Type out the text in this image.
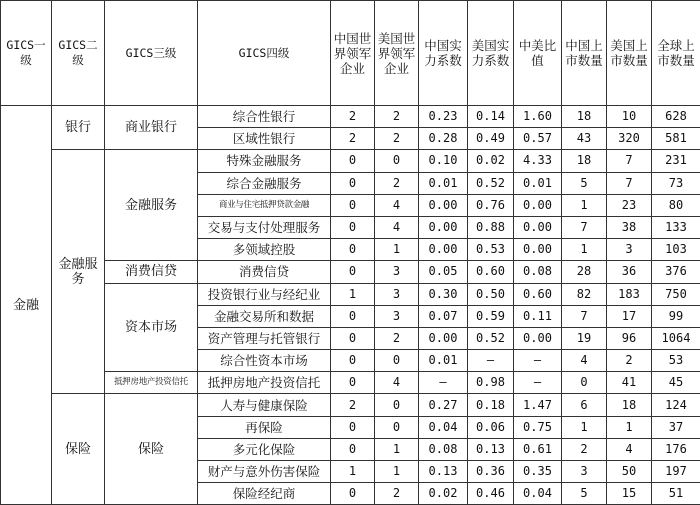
GICS一级	GICS二级	GICS三级	GICS四级	中国世界领军企业	美国世界领军企业	中国实力系数	美国实力系数	中美比值	中国上市数量	美国上市数量	全球上市数量
金融	银行	商业银行	综合性银行	2	2	0.23	0.14	1.60	18	10	628
			区域性银行	2	2	0.28	0.49	0.57	43	320	581
	金融服务	金融服务	特殊金融服务	0	0	0.10	0.02	4.33	18	7	231
			综合金融服务	0	2	0.01	0.52	0.01	5	7	73
			商业与住宅抵押贷款金融	0	4	0.00	0.76	0.00	1	23	80
			交易与支付处理服务	0	4	0.00	0.88	0.00	7	38	133
			多领域控股	0	1	0.00	0.53	0.00	1	3	103
		消费信贷	消费信贷	0	3	0.05	0.60	0.08	28	36	376
		资本市场	投资银行业与经纪业	1	3	0.30	0.50	0.60	82	183	750
			金融交易所和数据	0	3	0.07	0.59	0.11	7	17	99
			资产管理与托管银行	0	2	0.00	0.52	0.00	19	96	1064
			综合性资本市场	0	0	0.01	–	–	4	2	53
		抵押房地产投资信托	抵押房地产投资信托	0	4	–	0.98	–	0	41	45
	保险	保险	人寿与健康保险	2	0	0.27	0.18	1.47	6	18	124
			再保险	0	0	0.04	0.06	0.75	1	1	37
			多元化保险	0	1	0.08	0.13	0.61	2	4	176
			财产与意外伤害保险	1	1	0.13	0.36	0.35	3	50	197
			保险经纪商	0	2	0.02	0.46	0.04	5	15	51
